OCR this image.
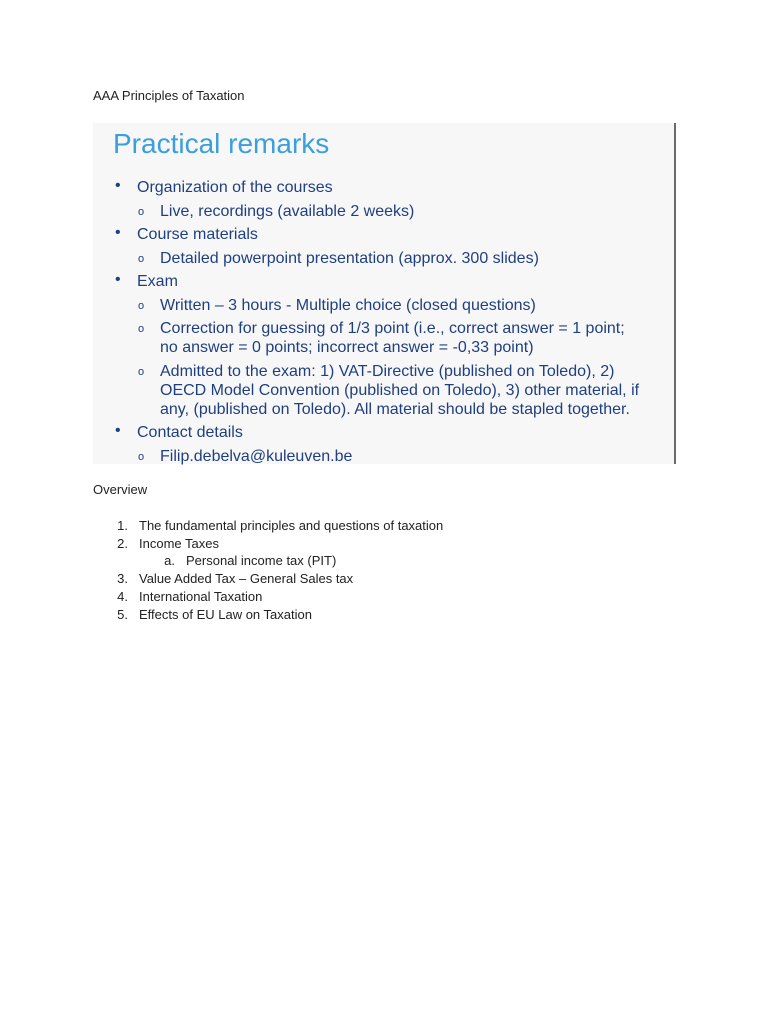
AAA Principles of Taxation
Practical remarks
• Organization of the courses
o Live, recordings (available 2 weeks)
• Course materials
o Detailed powerpoint presentation (approx. 300 slides)
• Exam
o Written – 3 hours - Multiple choice (closed questions)
o Correction for guessing of 1/3 point (i.e., correct answer = 1 point;
no answer = 0 points; incorrect answer = -0,33 point)
o Admitted to the exam: 1) VAT-Directive (published on Toledo), 2)
OECD Model Convention (published on Toledo), 3) other material, if
any, (published on Toledo). All material should be stapled together.
• Contact details
o Filip.debelva@kuleuven.be
Overview
1. The fundamental principles and questions of taxation
2. Income Taxes
a. Personal income tax (PIT)
3. Value Added Tax – General Sales tax
4. International Taxation
5. Effects of EU Law on Taxation
